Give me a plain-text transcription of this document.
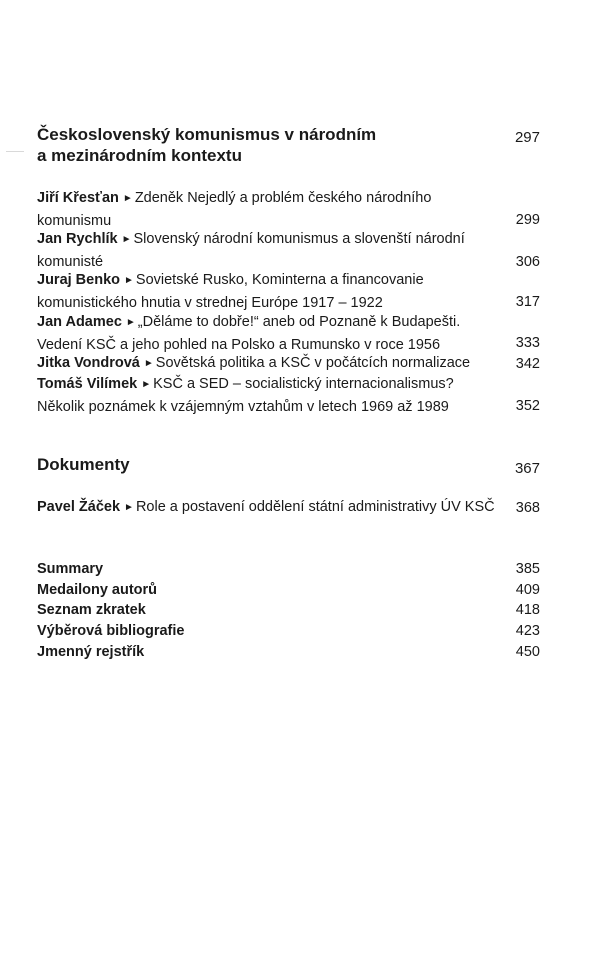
Československý komunismus v národním
a mezinárodním kontextu
297
Jiří Křesťan ► Zdeněk Nejedlý a problém českého národního
komunismu	299
Jan Rychlík ► Slovenský národní komunismus a slovenští národní
komunisté	306
Juraj Benko ► Sovietské Rusko, Kominterna a financovanie
komunistického hnutia v strednej Európe 1917 – 1922	317
Jan Adamec ► „Děláme to dobře!“ aneb od Poznaně k Budapešti.
Vedení KSČ a jeho pohled na Polsko a Rumunsko v roce 1956	333
Jitka Vondrová ► Sovětská politika a KSČ v počátcích normalizace	342
Tomáš Vilímek ► KSČ a SED – socialistický internacionalismus?
Několik poznámek k vzájemným vztahům v letech 1969 až 1989	352
Dokumenty	367
Pavel Žáček ► Role a postavení oddělení státní administrativy ÚV KSČ	368
Summary	385
Medailony autorů	409
Seznam zkratek	418
Výběrová bibliografie	423
Jmenný rejstřík	450
